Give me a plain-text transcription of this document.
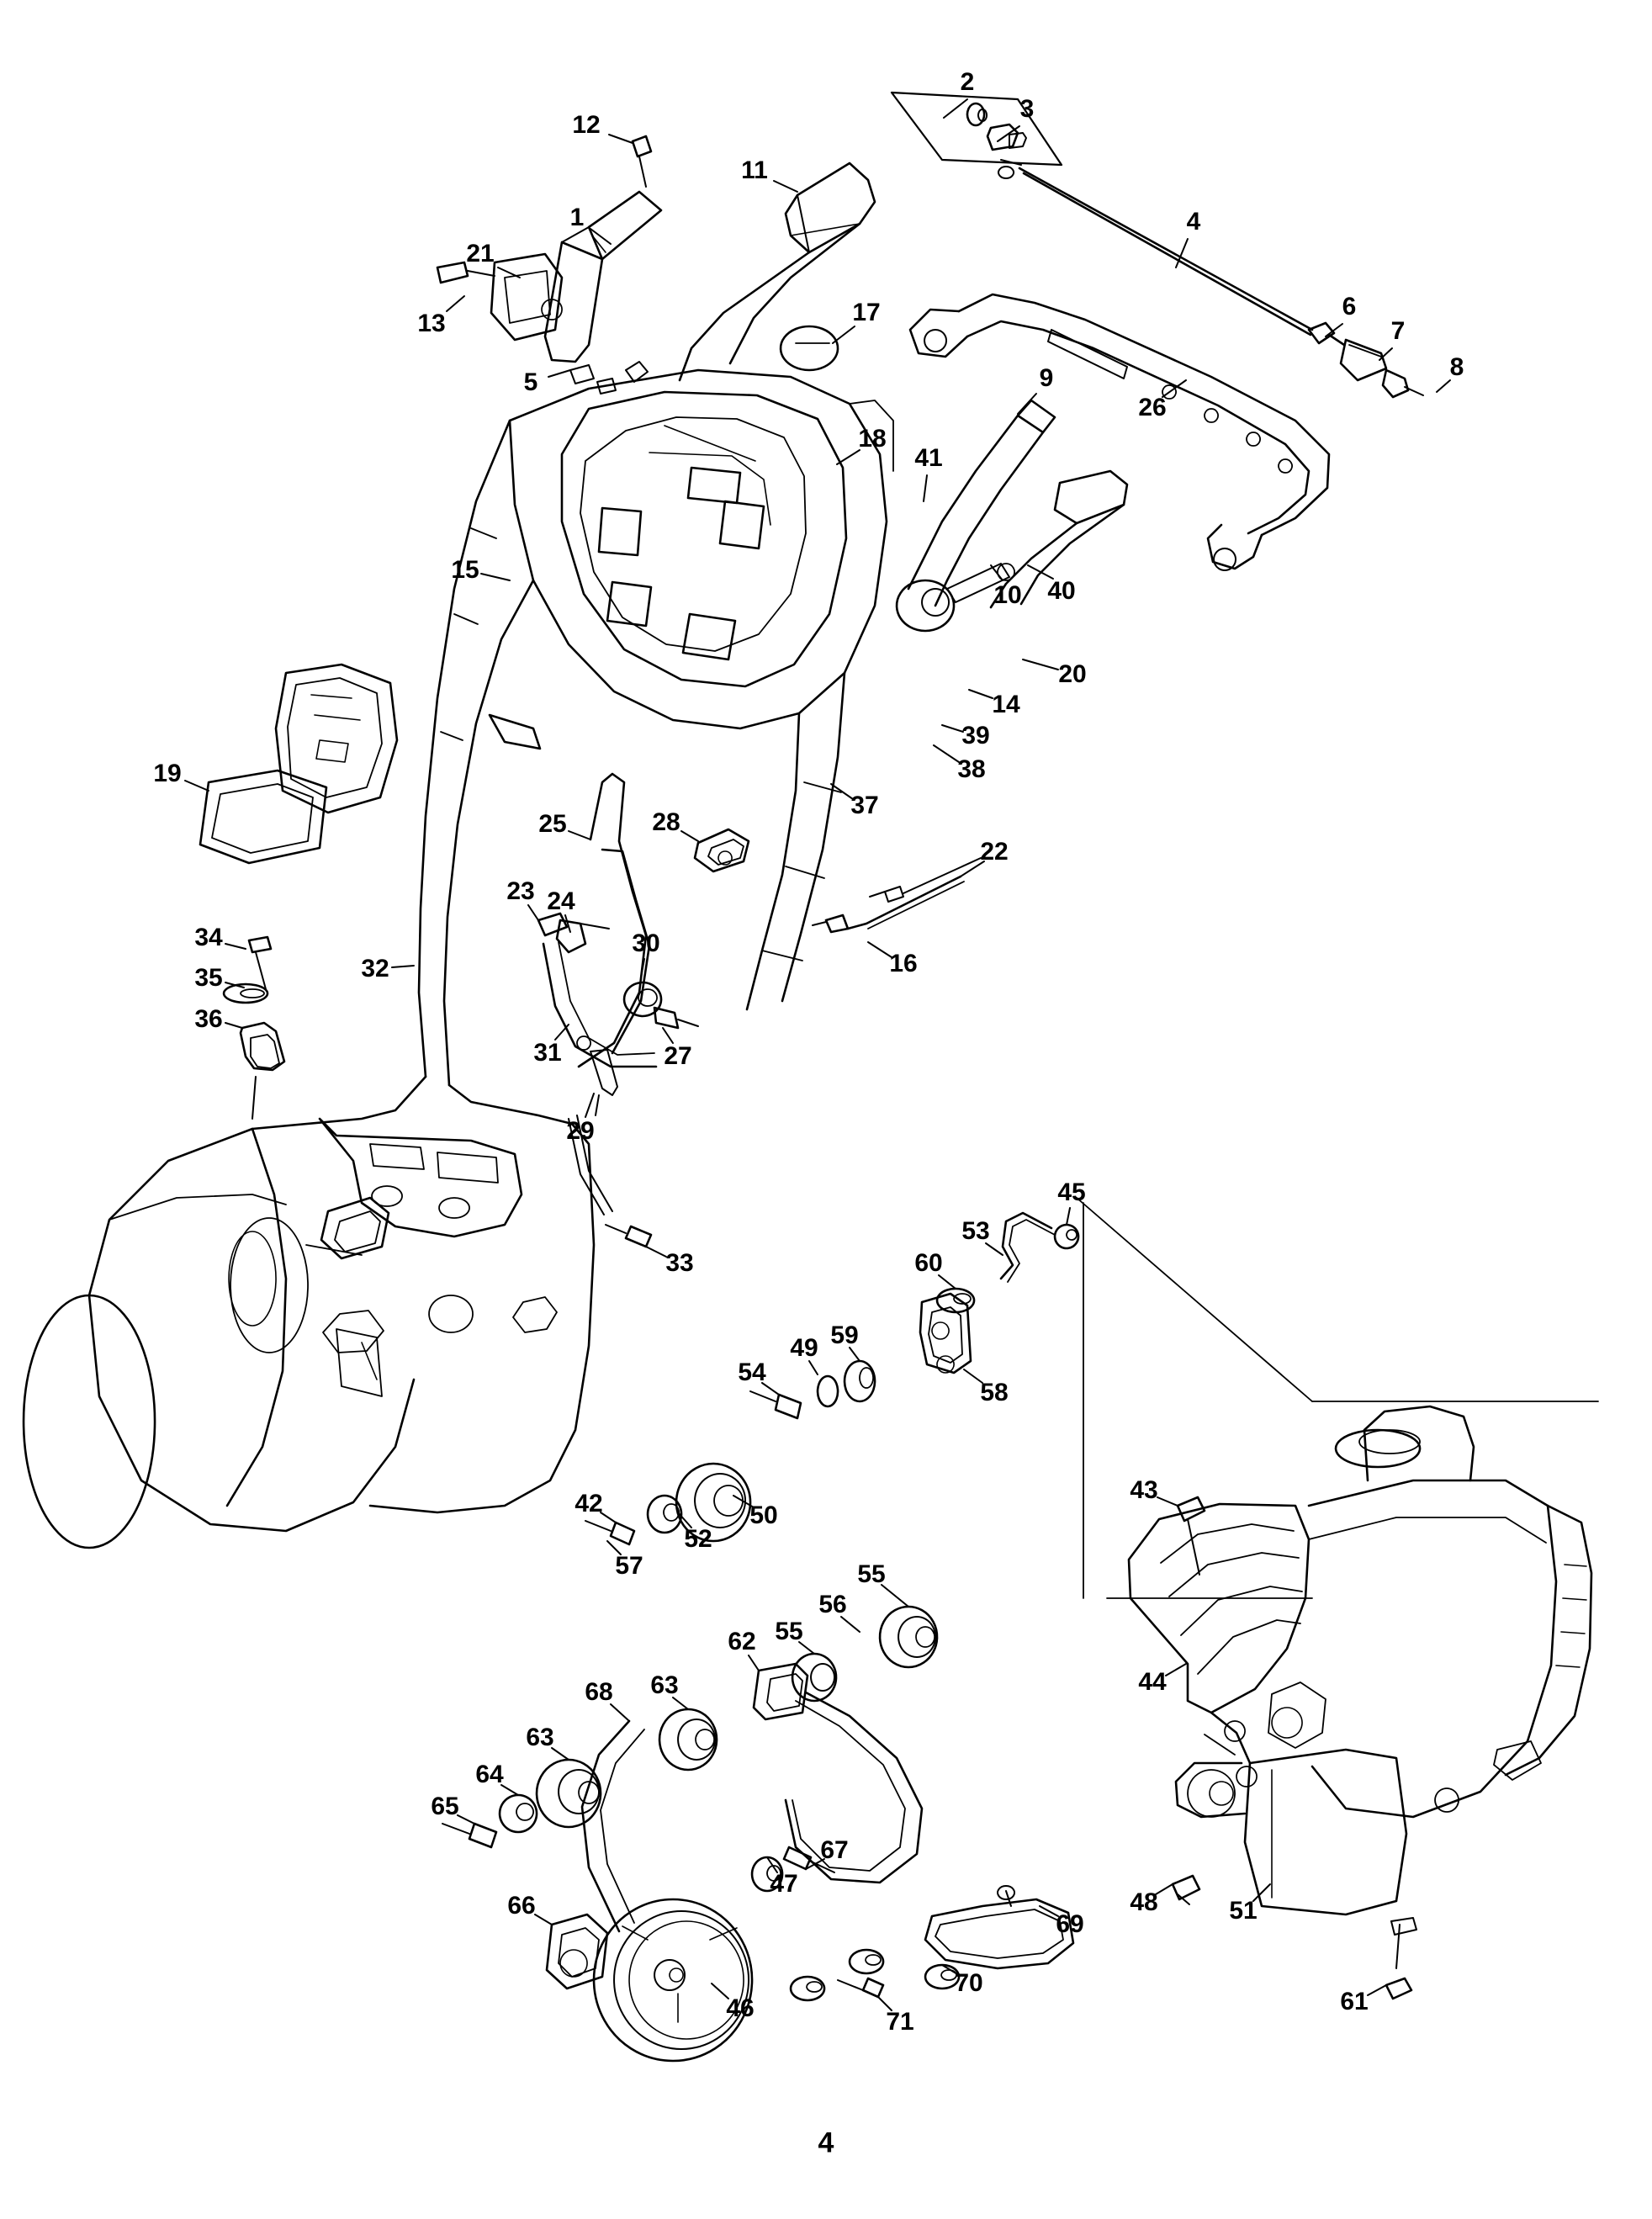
2
3
12
11
4
1
21
13	17	6
7
8
5
18
9
26
41
15
10 40
20
14
39
38
19
37
25	28
22
23 24
34
16
30
32
35
36
27
31
29
45
53
60
33
59
49
58
54
50
42
52
43
57	55
56
44
55
62
63
68
63
64
65
67
47
66	48	51
69
70
46	71
61
4
